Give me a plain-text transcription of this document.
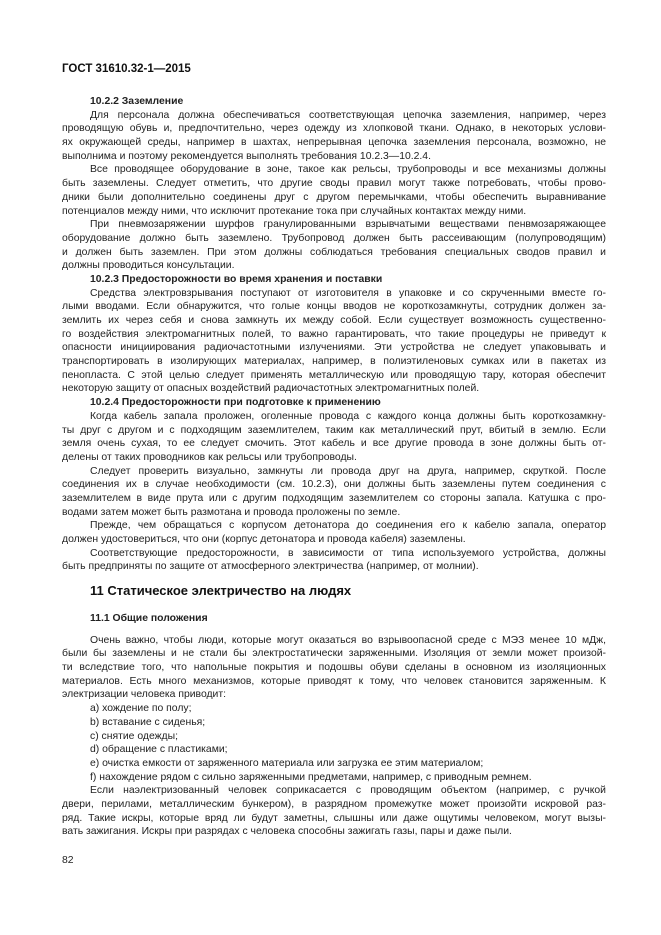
ГОСТ 31610.32-1—2015
10.2.2 Заземление
Для персонала должна обеспечиваться соответствующая цепочка заземления, например, через
проводящую обувь и, предпочтительно, через одежду из хлопковой ткани. Однако, в некоторых услови-
ях окружающей среды, например в шахтах, непрерывная цепочка заземления персонала, возможно, не
выполнима и поэтому рекомендуется выполнять требования 10.2.3—10.2.4.
Все проводящее оборудование в зоне, такое как рельсы, трубопроводы и все механизмы должны
быть заземлены. Следует отметить, что другие своды правил могут также потребовать, чтобы прово-
дники были дополнительно соединены друг с другом перемычками, чтобы обеспечить выравнивание
потенциалов между ними, что исключит протекание тока при случайных контактах между ними.
При пневмозаряжении шурфов гранулированными взрывчатыми веществами пенвмозаряжающее
оборудование должно быть заземлено. Трубопровод должен быть рассеивающим (полупроводящим)
и должен быть заземлен. При этом должны соблюдаться требования специальных сводов правил и
должны проводиться консультации.
10.2.3 Предосторожности во время хранения и поставки
Средства электровзрывания поступают от изготовителя в упаковке и со скрученными вместе го-
лыми вводами. Если обнаружится, что голые концы вводов не короткозамкнуты, сотрудник должен за-
землить их через себя и снова замкнуть их между собой. Если существует возможность существенно-
го воздействия электромагнитных полей, то важно гарантировать, что такие процедуры не приведут к
опасности инициирования радиочастотными излучениями. Эти устройства не следует упаковывать и
транспортировать в изолирующих материалах, например, в полиэтиленовых сумках или в пакетах из
пенопласта. С этой целью следует применять металлическую или проводящую тару, которая обеспечит
некоторую защиту от опасных воздействий радиочастотных электромагнитных полей.
10.2.4 Предосторожности при подготовке к применению
Когда кабель запала проложен, оголенные провода с каждого конца должны быть короткозамкну-
ты друг с другом и с подходящим заземлителем, таким как металлический прут, вбитый в землю. Если
земля очень сухая, то ее следует смочить. Этот кабель и все другие провода в зоне должны быть от-
делены от таких проводников как рельсы или трубопроводы.
Следует проверить визуально, замкнуты ли провода друг на друга, например, скруткой. После
соединения их в случае необходимости (см. 10.2.3), они должны быть заземлены путем соединения с
заземлителем в виде прута или с другим подходящим заземлителем со стороны запала. Катушка с про-
водами затем может быть размотана и провода проложены по земле.
Прежде, чем обращаться с корпусом детонатора до соединения его к кабелю запала, оператор
должен удостовериться, что они (корпус детонатора и провода кабеля) заземлены.
Соответствующие предосторожности, в зависимости от типа используемого устройства, должны
быть предприняты по защите от атмосферного электричества (например, от молнии).
11 Статическое электричество на людях
11.1 Общие положения
Очень важно, чтобы люди, которые могут оказаться во взрывоопасной среде с МЭЗ менее 10 мДж,
были бы заземлены и не стали бы электростатически заряженными. Изоляция от земли может произой-
ти вследствие того, что напольные покрытия и подошвы обуви сделаны в основном из изоляционных
материалов. Есть много механизмов, которые приводят к тому, что человек становится заряженным. К
электризации человека приводит:
a) хождение по полу;
b) вставание с сиденья;
c) снятие одежды;
d) обращение с пластиками;
e) очистка емкости от заряженного материала или загрузка ее этим материалом;
f) нахождение рядом с сильно заряженными предметами, например, с приводным ремнем.
Если наэлектризованный человек соприкасается с проводящим объектом (например, с ручкой
двери, перилами, металлическим бункером), в разрядном промежутке может произойти искровой раз-
ряд. Такие искры, которые вряд ли будут заметны, слышны или даже ощутимы человеком, могут вызы-
вать зажигания. Искры при разрядах с человека способны зажигать газы, пары и даже пыли.
82
